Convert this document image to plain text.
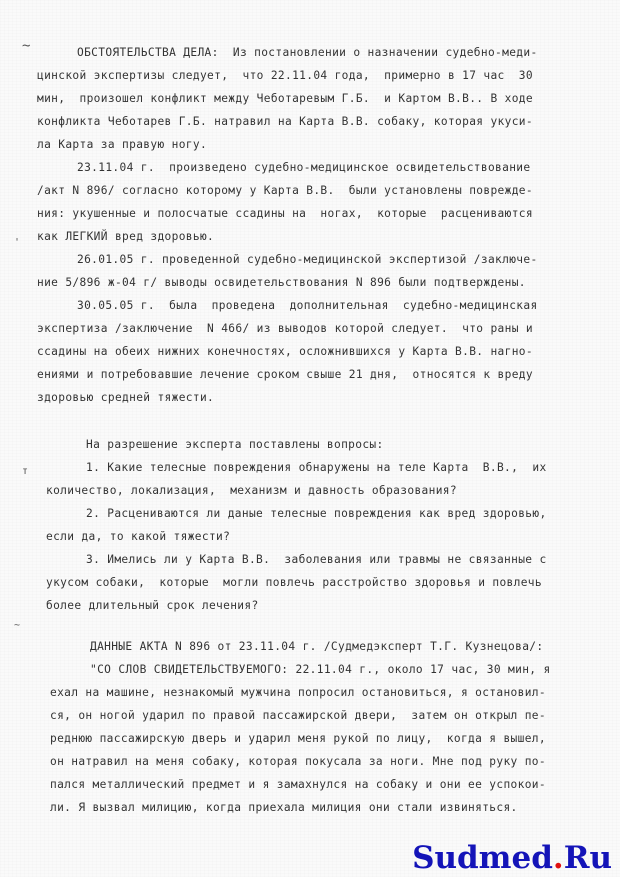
~
'
т
~
ОБСТОЯТЕЛЬСТВА ДЕЛА:  Из постановлении о назначении судебно-меди-
цинской экспертизы следует,  что 22.11.04 года,  примерно в 17 час  30
мин,  произошел конфликт между Чеботаревым Г.Б.  и Картом В.В.. В ходе
конфликта Чеботарев Г.Б. натравил на Карта В.В. собаку, которая укуси-
ла Карта за правую ногу.
23.11.04 г.  произведено судебно-медицинское освидетельствование
/акт N 896/ согласно которому у Карта В.В.  были установлены поврежде-
ния: укушенные и полосчатые ссадины на  ногах,  которые  расцениваются
как ЛЕГКИЙ вред здоровью.
26.01.05 г. проведенной судебно-медицинской экспертизой /заключе-
ние 5/896 ж-04 г/ выводы освидетельствования N 896 были подтверждены.
30.05.05 г.  была  проведена  дополнительная  судебно-медицинская
экспертиза /заключение  N 466/ из выводов которой следует.  что раны и
ссадины на обеих нижних конечностях, осложнившихся у Карта В.В. нагно-
ениями и потребовавшие лечение сроком свыше 21 дня,  относятся к вреду
здоровью средней тяжести.
На разрешение эксперта поставлены вопросы:
1. Какие телесные повреждения обнаружены на теле Карта  В.В.,  их
количество, локализация,  механизм и давность образования?
2. Расцениваются ли даные телесные повреждения как вред здоровью,
если да, то какой тяжести?
3. Имелись ли у Карта В.В.  заболевания или травмы не связанные с
укусом собаки,  которые  могли повлечь расстройство здоровья и повлечь
более длительный срок лечения?
ДАННЫЕ АКТА N 896 от 23.11.04 г. /Судмедэксперт Т.Г. Кузнецова/:
"СО СЛОВ СВИДЕТЕЛЬСТВУЕМОГО: 22.11.04 г., около 17 час, 30 мин, я
ехал на машине, незнакомый мужчина попросил остановиться, я остановил-
ся, он ногой ударил по правой пассажирской двери,  затем он открыл пе-
реднюю пассажирскую дверь и ударил меня рукой по лицу,  когда я вышел,
он натравил на меня собаку, которая покусала за ноги. Мне под руку по-
пался металлический предмет и я замахнулся на собаку и они ее успокои-
ли. Я вызвал милицию, когда приехала милиция они стали извиняться.
Sudmed.Ru
